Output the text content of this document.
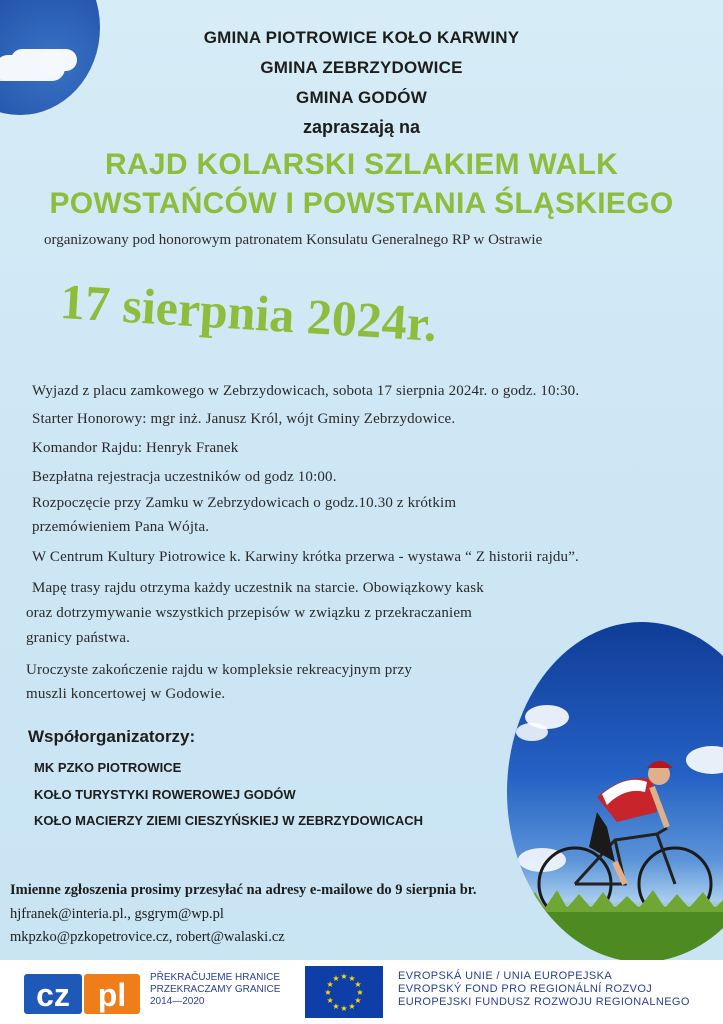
GMINA PIOTROWICE KOŁO KARWINY
GMINA ZEBRZYDOWICE
GMINA GODÓW
zapraszają na
RAJD KOLARSKI SZLAKIEM WALK
POWSTAŃCÓW I POWSTANIA ŚLĄSKIEGO
organizowany pod honorowym patronatem Konsulatu Generalnego RP w Ostrawie
17 sierpnia 2024r.
Wyjazd z placu zamkowego w Zebrzydowicach, sobota 17 sierpnia 2024r. o godz. 10:30.
Starter Honorowy: mgr inż. Janusz Król, wójt Gminy Zebrzydowice.
Komandor Rajdu: Henryk Franek
Bezpłatna rejestracja uczestników od godz 10:00.
Rozpoczęcie przy Zamku w Zebrzydowicach o godz.10.30 z krótkim
przemówieniem Pana Wójta.
W Centrum Kultury Piotrowice k. Karwiny krótka przerwa - wystawa “ Z historii rajdu”.
Mapę trasy rajdu otrzyma każdy uczestnik na starcie. Obowiązkowy kask
oraz dotrzymywanie wszystkich przepisów w związku z przekraczaniem
granicy państwa.
Uroczyste zakończenie rajdu w kompleksie rekreacyjnym przy
muszli koncertowej w Godowie.
Współorganizatorzy:
MK PZKO PIOTROWICE
KOŁO TURYSTYKI ROWEROWEJ GODÓW
KOŁO MACIERZY ZIEMI CIESZYŃSKIEJ W ZEBRZYDOWICACH
Imienne zgłoszenia prosimy przesyłać na adresy e-mailowe do 9 sierpnia br.
hjfranek@interia.pl., gsgrym@wp.pl
mkpzko@pzkopetrovice.cz, robert@walaski.cz
cz pl PŘEKRAČUJEME HRANICE
PRZEKRACZAMY GRANICE
2014—2020
★ ★
★
★
★
★
★
★
★
★
★
★	EVROPSKÁ UNIE / UNIA EUROPEJSKA
EVROPSKÝ FOND PRO REGIONÁLNÍ ROZVOJ
EUROPEJSKI FUNDUSZ ROZWOJU REGIONALNEGO
